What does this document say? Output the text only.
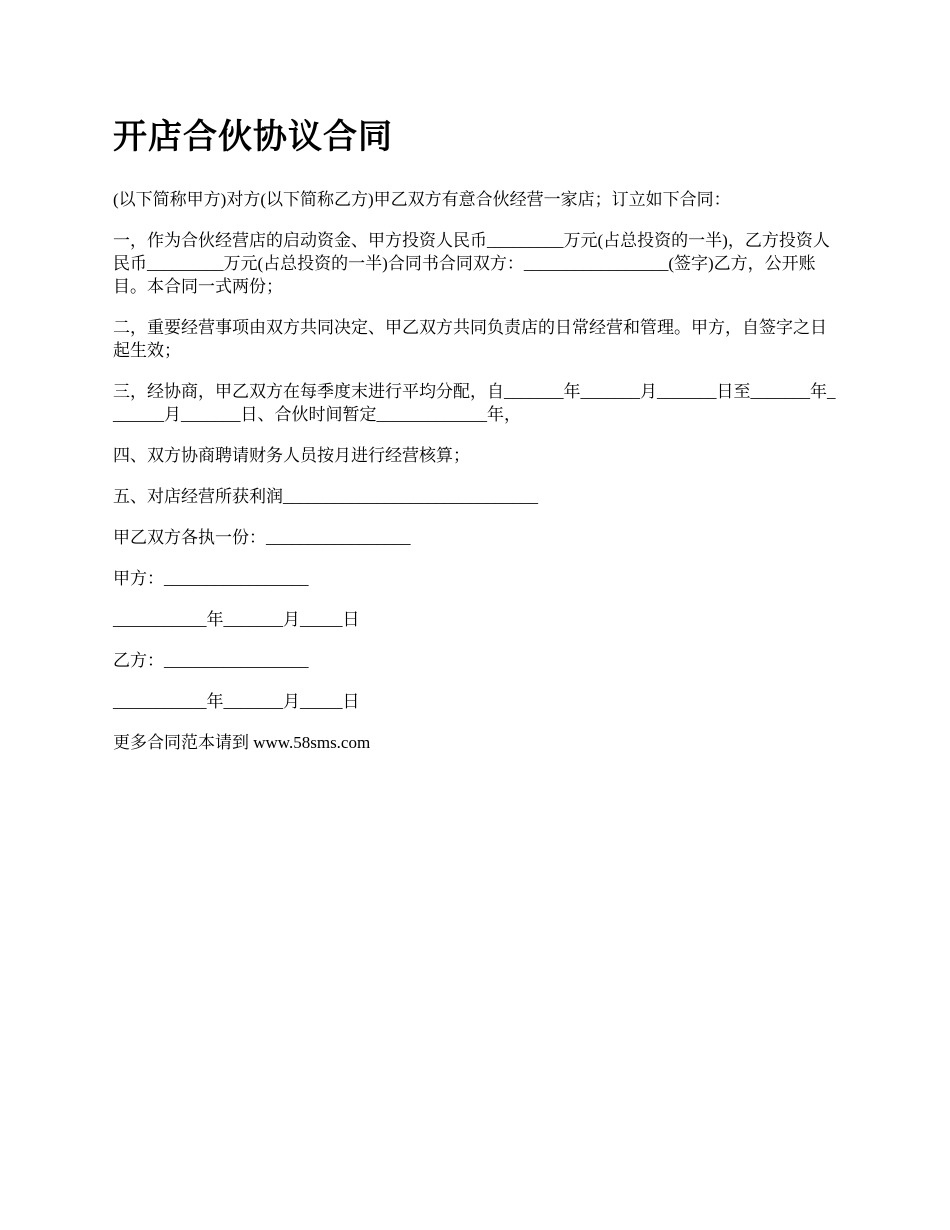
开店合伙协议合同

(以下简称甲方)对方(以下简称乙方)甲乙双方有意合伙经营一家店；订立如下合同：

一，作为合伙经营店的启动资金、甲方投资人民币_________万元(占总投资的一半)，乙方投资人民币_________万元(占总投资的一半)合同书合同双方：_________________(签字)乙方，公开账目。本合同一式两份；

二，重要经营事项由双方共同决定、甲乙双方共同负责店的日常经营和管理。甲方，自签字之日起生效；

三，经协商，甲乙双方在每季度末进行平均分配，自_______年_______月_______日至_______年_______月_______日、合伙时间暂定_____________年，

四、双方协商聘请财务人员按月进行经营核算；

五、对店经营所获利润______________________________

甲乙双方各执一份：_________________

甲方：_________________

___________年_______月_____日

乙方：_________________

___________年_______月_____日

更多合同范本请到 www.58sms.com
